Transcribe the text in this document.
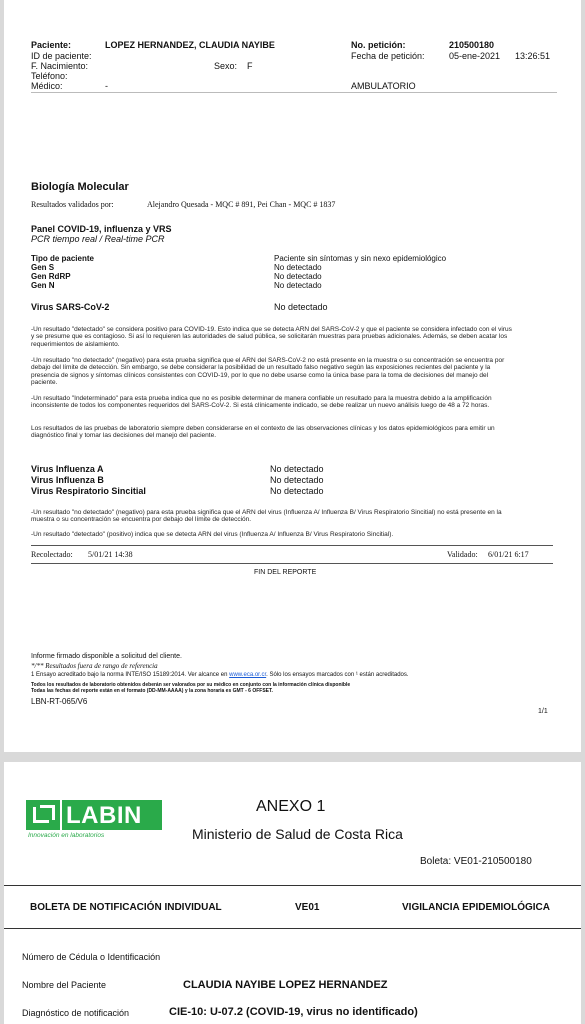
Paciente:	LOPEZ HERNANDEZ, CLAUDIA NAYIBE
ID de paciente:
F. Nacimiento:	Sexo: F
Teléfono:
Médico:	-
No. petición:	210500180
Fecha de petición:	05-ene-2021 13:26:51
AMBULATORIO
Biología Molecular
Resultados validados por:	Alejandro Quesada - MQC # 891, Pei Chan - MQC # 1837
Panel COVID-19, influenza y VRS
PCR tiempo real / Real-time PCR
Tipo de paciente	Paciente sin síntomas y sin nexo epidemiológico
Gen S	No detectado
Gen RdRP	No detectado
Gen N	No detectado
Virus SARS-CoV-2	No detectado
-Un resultado "detectado" se considera positivo para COVID-19. Esto indica que se detecta ARN del SARS-CoV-2 y que el paciente se considera infectado con el virus y se presume que es contagioso. Si así lo requieren las autoridades de salud pública, se solicitarán muestras para pruebas adicionales. Además, se deben acatar los requerimientos de aislamiento.
-Un resultado "no detectado" (negativo) para esta prueba significa que el ARN del SARS-CoV-2 no está presente en la muestra o su concentración se encuentra por debajo del límite de detección. Sin embargo, se debe considerar la posibilidad de un resultado falso negativo según las exposiciones recientes del paciente y la presencia de signos y síntomas clínicos consistentes con COVID-19, por lo que no debe usarse como la única base para la toma de decisiones del manejo del paciente.
-Un resultado "Indeterminado" para esta prueba indica que no es posible determinar de manera confiable un resultado para la muestra debido a la amplificación inconsistente de todos los componentes requeridos del SARS-CoV-2. Si está clínicamente indicado, se debe realizar un nuevo análisis luego de 48 a 72 horas.
Los resultados de las pruebas de laboratorio siempre deben considerarse en el contexto de las observaciones clínicas y los datos epidemiológicos para emitir un diagnóstico final y tomar las decisiones del manejo del paciente.
Virus Influenza A	No detectado
Virus Influenza B	No detectado
Virus Respiratorio Sincitial	No detectado
-Un resultado "no detectado" (negativo) para esta prueba significa que el ARN del virus (Influenza A/ Influenza B/ Virus Respiratorio Sincitial) no está presente en la muestra o su concentración se encuentra por debajo del límite de detección.
-Un resultado "detectado" (positivo) indica que se detecta ARN del virus (Influenza A/ Influenza B/ Virus Respiratorio Sincitial).
Recolectado: 5/01/21 14:38	Validado: 6/01/21 6:17
FIN DEL REPORTE
Informe firmado disponible a solicitud del cliente.
*/** Resultados fuera de rango de referencia
1 Ensayo acreditado bajo la norma INTE/ISO 15189:2014. Ver alcance en www.eca.or.cr. Sólo los ensayos marcados con ¹ están acreditados.
Todos los resultados de laboratorio obtenidos deberán ser valorados por su médico en conjunto con la información clínica disponible
Todas las fechas del reporte están en el formato (DD-MM-AAAA) y la zona horaria es GMT - 6 OFFSET.
LBN-RT-065/V6
1/1
LABIN
Innovación en laboratorios
ANEXO 1
Ministerio de Salud de Costa Rica
Boleta: VE01-210500180
BOLETA DE NOTIFICACIÓN INDIVIDUAL	VE01	VIGILANCIA EPIDEMIOLÓGICA
Número de Cédula o Identificación
Nombre del Paciente	CLAUDIA NAYIBE LOPEZ HERNANDEZ
Diagnóstico de notificación	CIE-10: U-07.2 (COVID-19, virus no identificado)
